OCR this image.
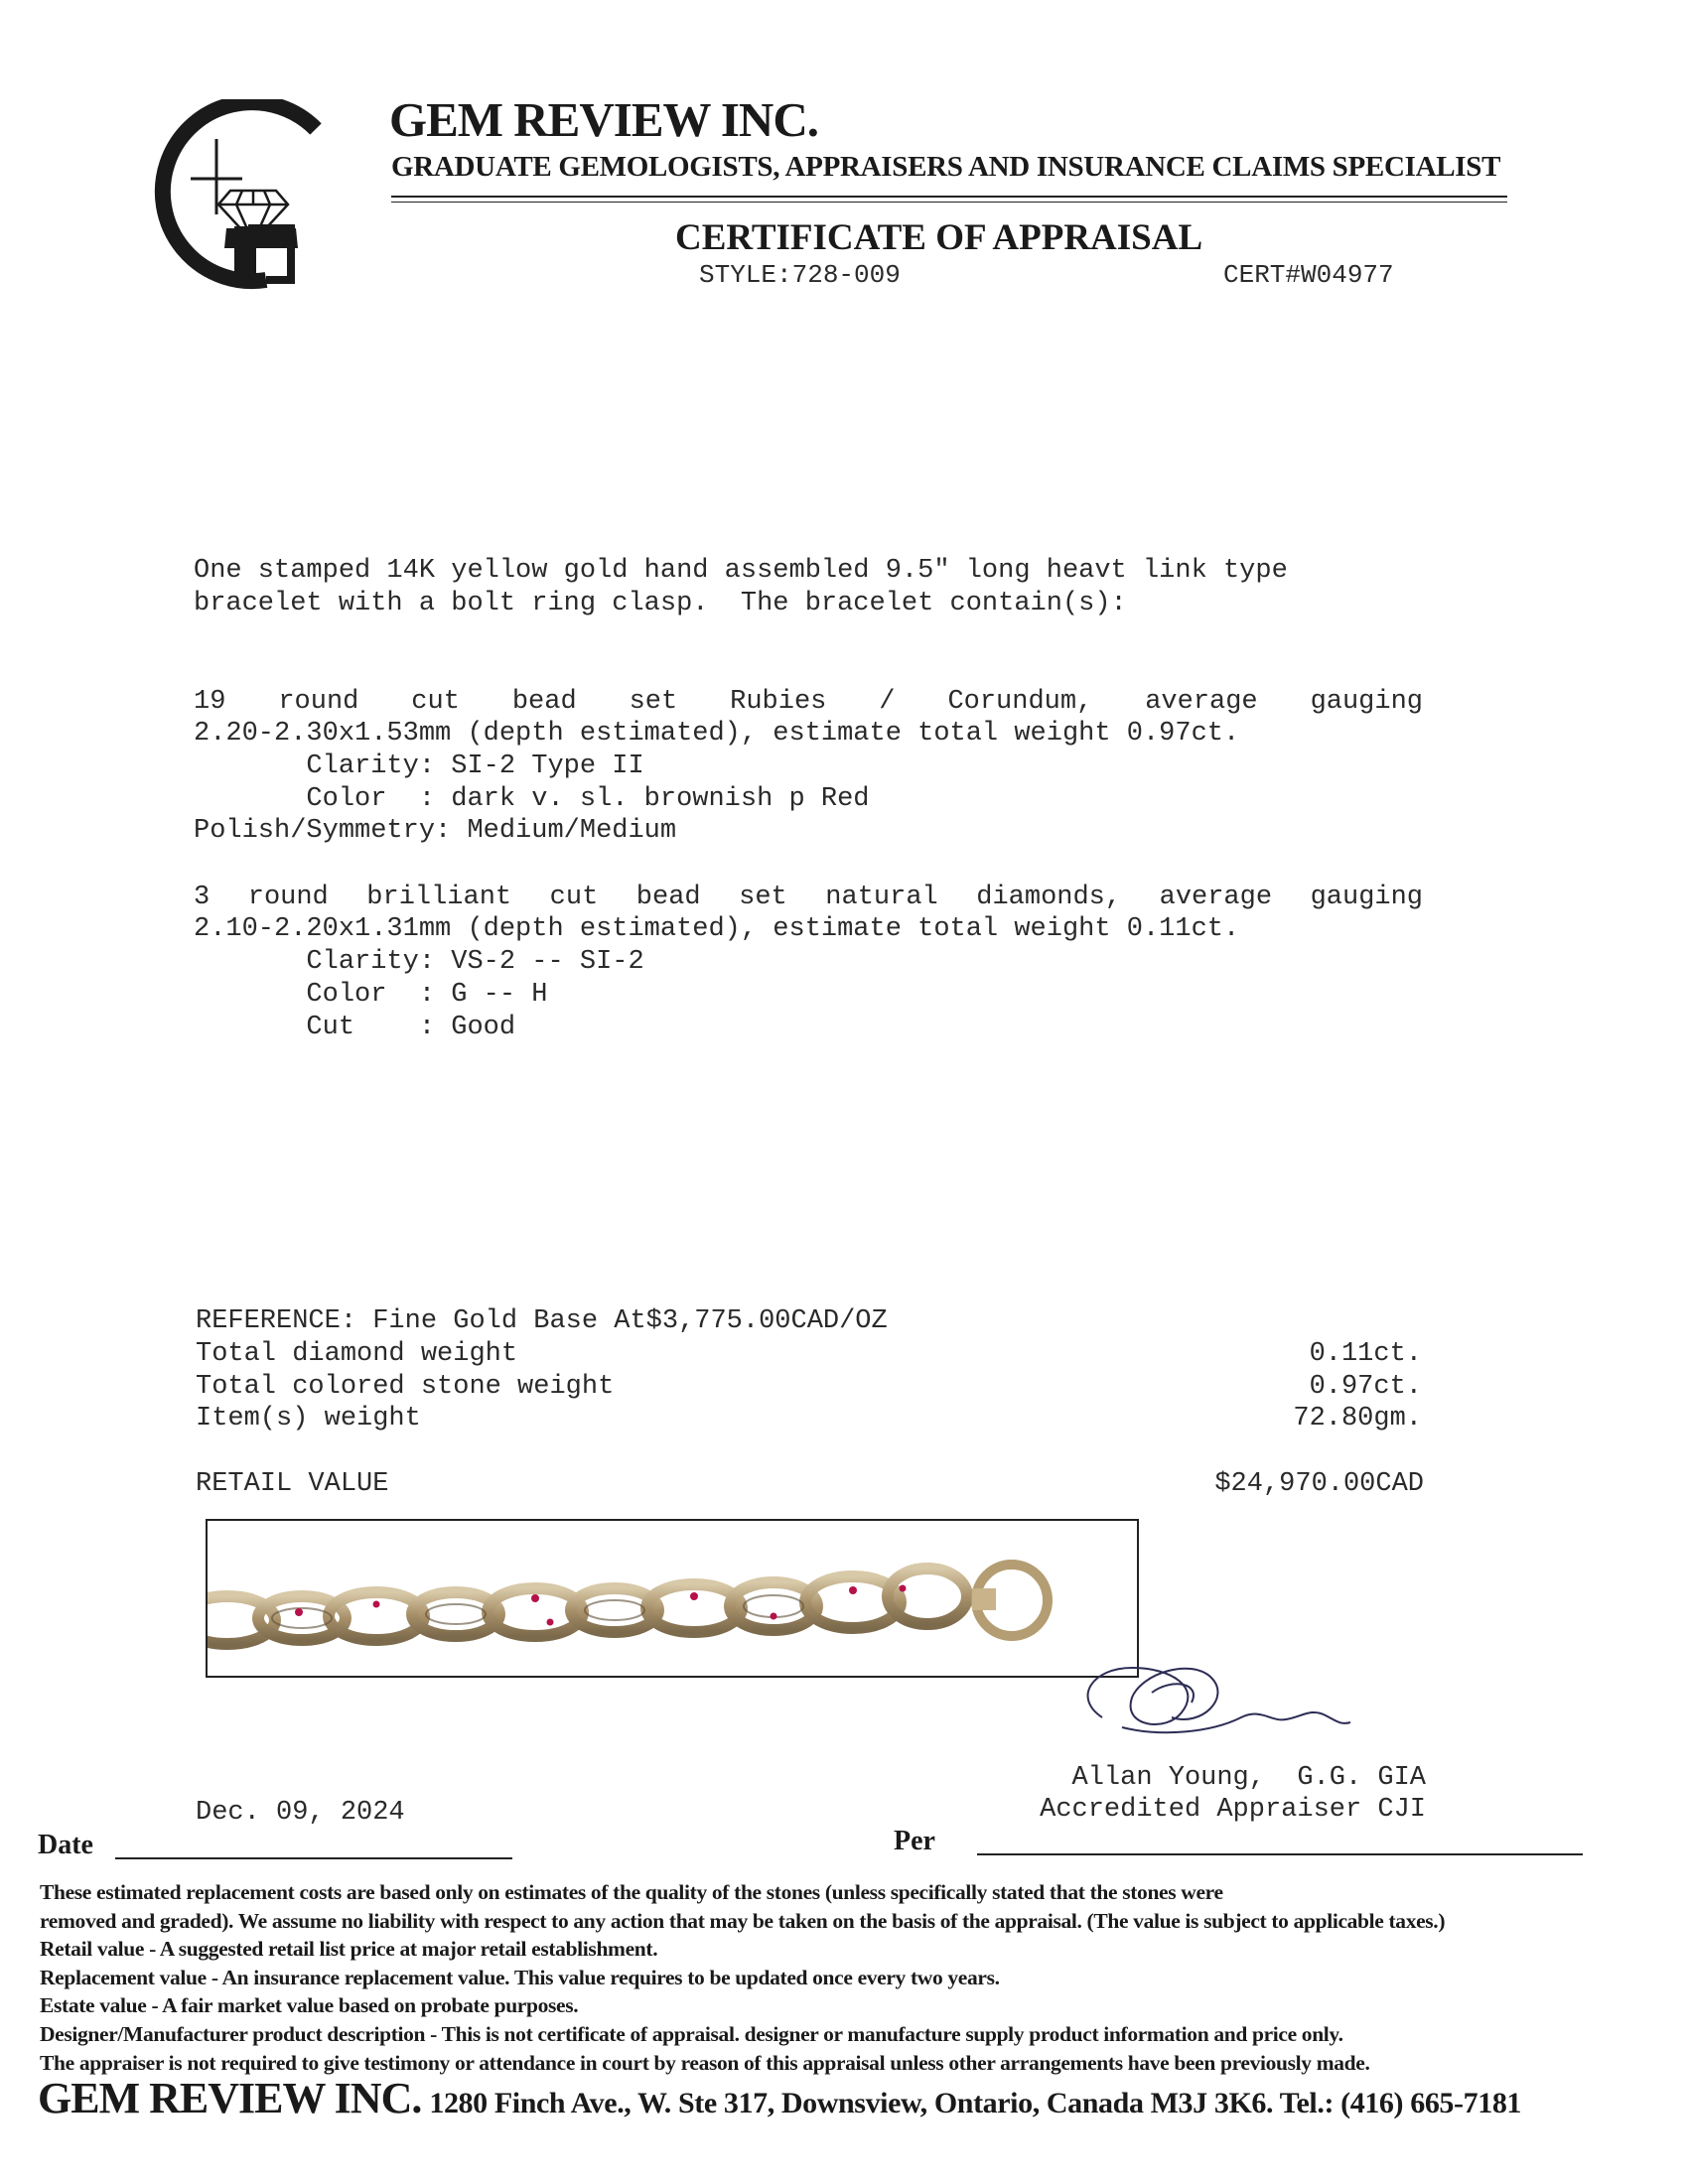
GEM REVIEW INC.
GRADUATE GEMOLOGISTS, APPRAISERS AND INSURANCE CLAIMS SPECIALIST
CERTIFICATE OF APPRAISAL
STYLE:728-009	CERT#W04977
One stamped 14K yellow gold hand assembled 9.5" long heavt link type
bracelet with a bolt ring clasp.  The bracelet contain(s):
19 round cut bead set Rubies / Corundum, average gauging
2.20-2.30x1.53mm (depth estimated), estimate total weight 0.97ct.
Clarity: SI-2 Type II
Color  : dark v. sl. brownish p Red
Polish/Symmetry: Medium/Medium
3 round brilliant cut bead set natural diamonds, average gauging
2.10-2.20x1.31mm (depth estimated), estimate total weight 0.11ct.
Clarity: VS-2 -- SI-2
Color  : G -- H
Cut    : Good
REFERENCE: Fine Gold Base At$3,775.00CAD/OZ
Total diamond weight	0.11ct.
Total colored stone weight	0.97ct.
Item(s) weight	72.80gm.
RETAIL VALUE	$24,970.00CAD
Allan Young,  G.G. GIA
Accredited Appraiser CJI
Dec. 09, 2024
Date	Per

These estimated replacement costs are based only on estimates of the quality of the stones (unless specifically stated that the stones were

removed and graded). We assume no liability with respect to any action that may be taken on the basis of the appraisal. (The value is subject to applicable taxes.)

Retail value - A suggested retail list price at major retail establishment.

Replacement value - An insurance replacement value. This value requires to be updated once every two years.

Estate value - A fair market value based on probate purposes.

Designer/Manufacturer product description - This is not certificate of appraisal. designer or manufacture supply product information and price only.

The appraiser is not required to give testimony or attendance in court by reason of this appraisal unless other arrangements have been previously made.

GEM REVIEW INC. 1280 Finch Ave., W. Ste 317, Downsview, Ontario, Canada M3J 3K6. Tel.: (416) 665-7181
